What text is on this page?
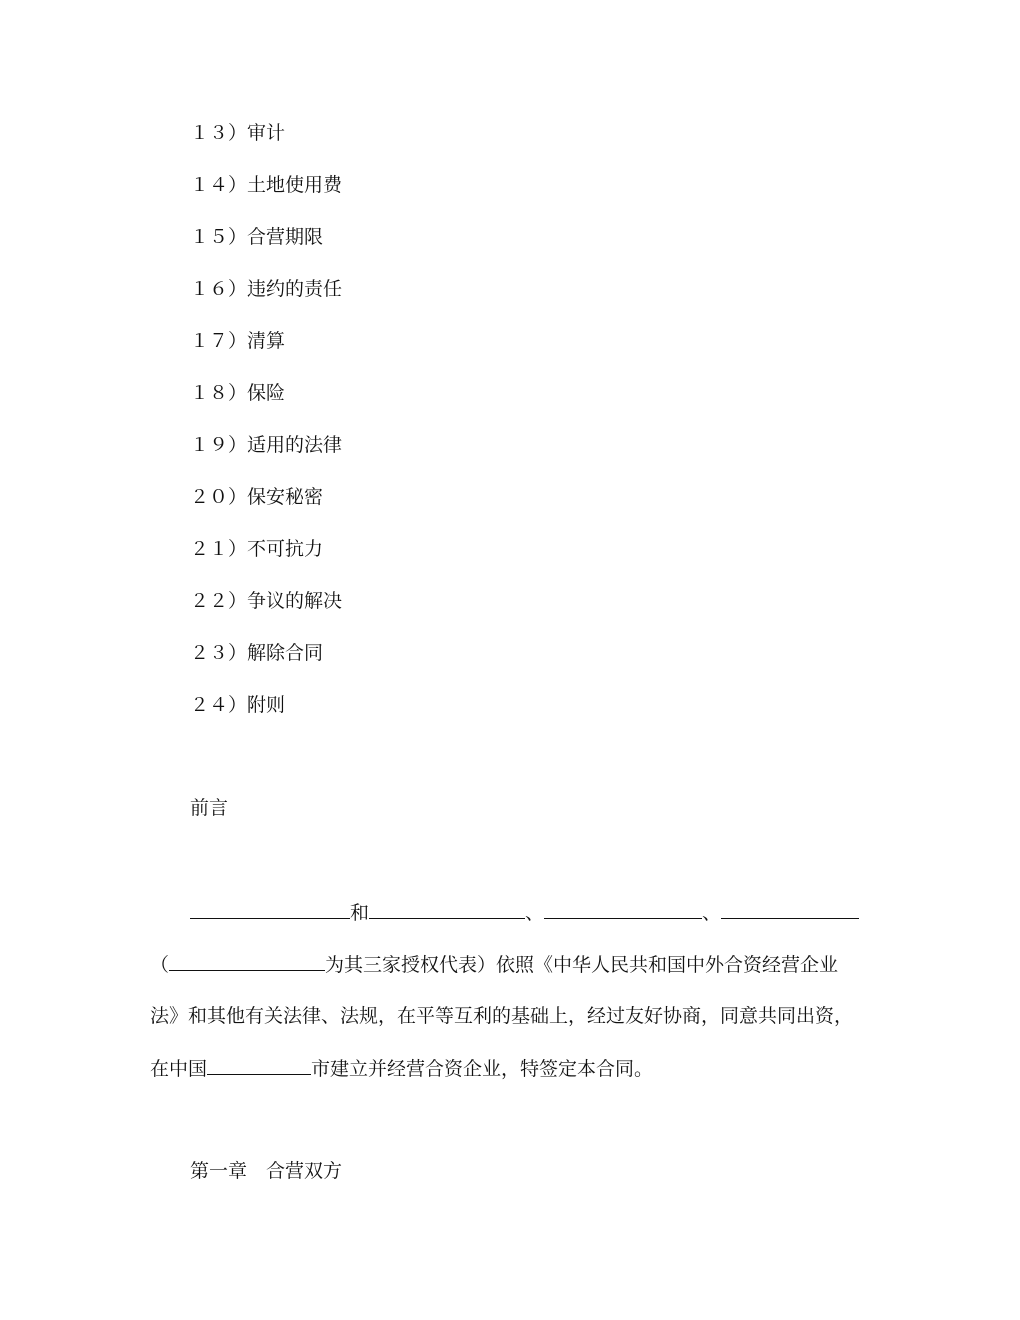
１３）审计
１４）土地使用费
１５）合营期限
１６）违约的责任
１７）清算
１８）保险
１９）适用的法律
２０）保安秘密
２１）不可抗力
２２）争议的解决
２３）解除合同
２４）附则
前言
和	、	、
（	为其三家授权代表）依照《中华人民共和国中外合资经营企业
法》和其他有关法律、法规，在平等互利的基础上，经过友好协商，同意共同出资，
在中国	市建立并经营合资企业，特签定本合同。
第一章　合营双方
